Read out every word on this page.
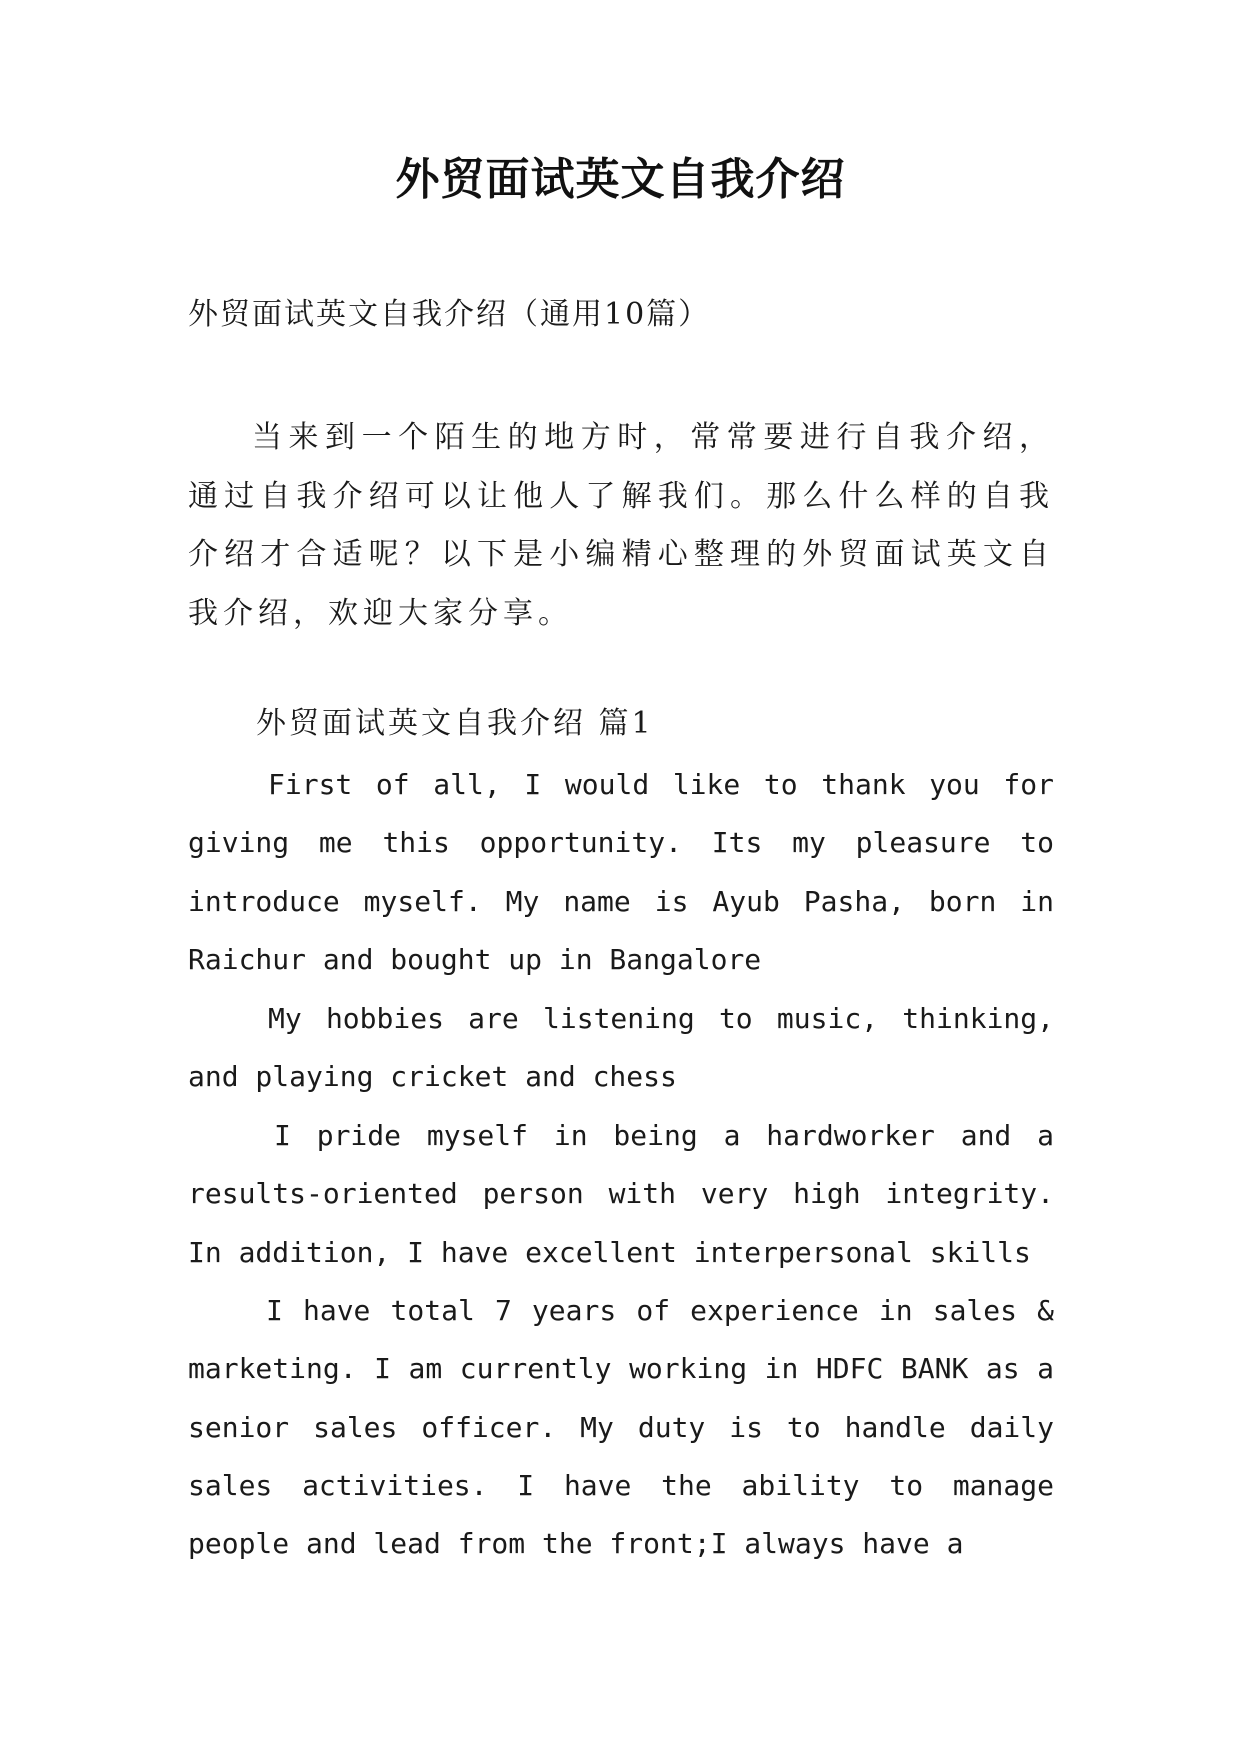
外贸面试英文自我介绍
外贸面试英文自我介绍（通用10篇）

当来到一个陌生的地方时，常常要进行自我介绍，通过自我介绍可以让他人了解我们。那么什么样的自我介绍才合适呢？以下是小编精心整理的外贸面试英文自我介绍，欢迎大家分享。

外贸面试英文自我介绍 篇1

First of all, I would like to thank you for giving me this opportunity. Its my pleasure to introduce myself. My name is Ayub Pasha, born in Raichur and bought up in Bangalore

My hobbies are listening to music, thinking, and playing cricket and chess

I pride myself in being a hardworker and a results-oriented person with very high integrity. In addition, I have excellent interpersonal skills

I have total 7 years of experience in sales & marketing. I am currently working in HDFC BANK as a senior sales officer. My duty is to handle daily sales activities. I have the ability to manage people and lead from the front;I always have a
